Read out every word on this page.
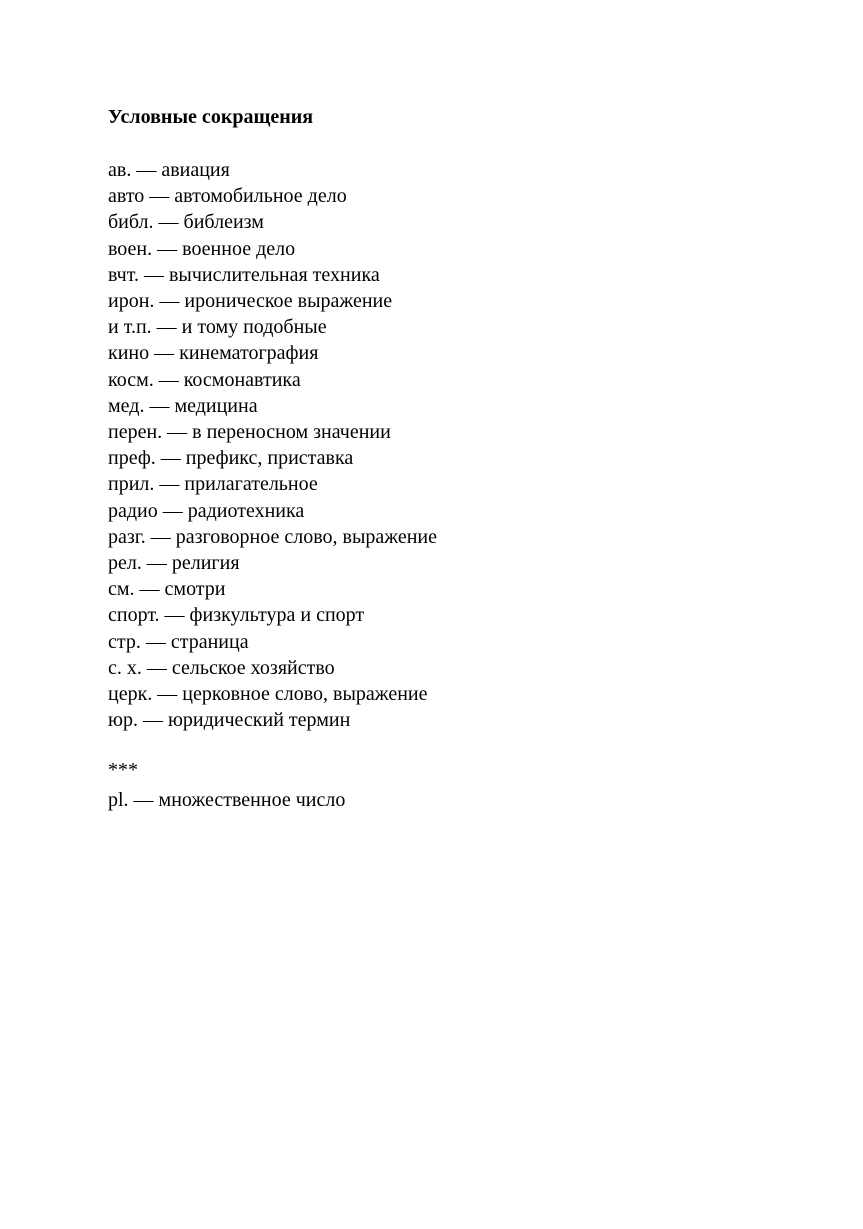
Условные сокращения
ав. — авиация
авто — автомобильное дело
библ. — библеизм
воен. — военное дело
вчт. — вычислительная техника
ирон. — ироническое выражение
и т.п. — и тому подобные
кино — кинематография
косм. — космонавтика
мед. — медицина
перен. — в переносном значении
преф. — префикс, приставка
прил. — прилагательное
радио — радиотехника
разг. — разговорное слово, выражение
рел. — религия
см. — смотри
спорт. — физкультура и спорт
стр. — страница
с. х. — сельское хозяйство
церк. — церковное слово, выражение
юр. — юридический термин
***
pl. — множественное число
